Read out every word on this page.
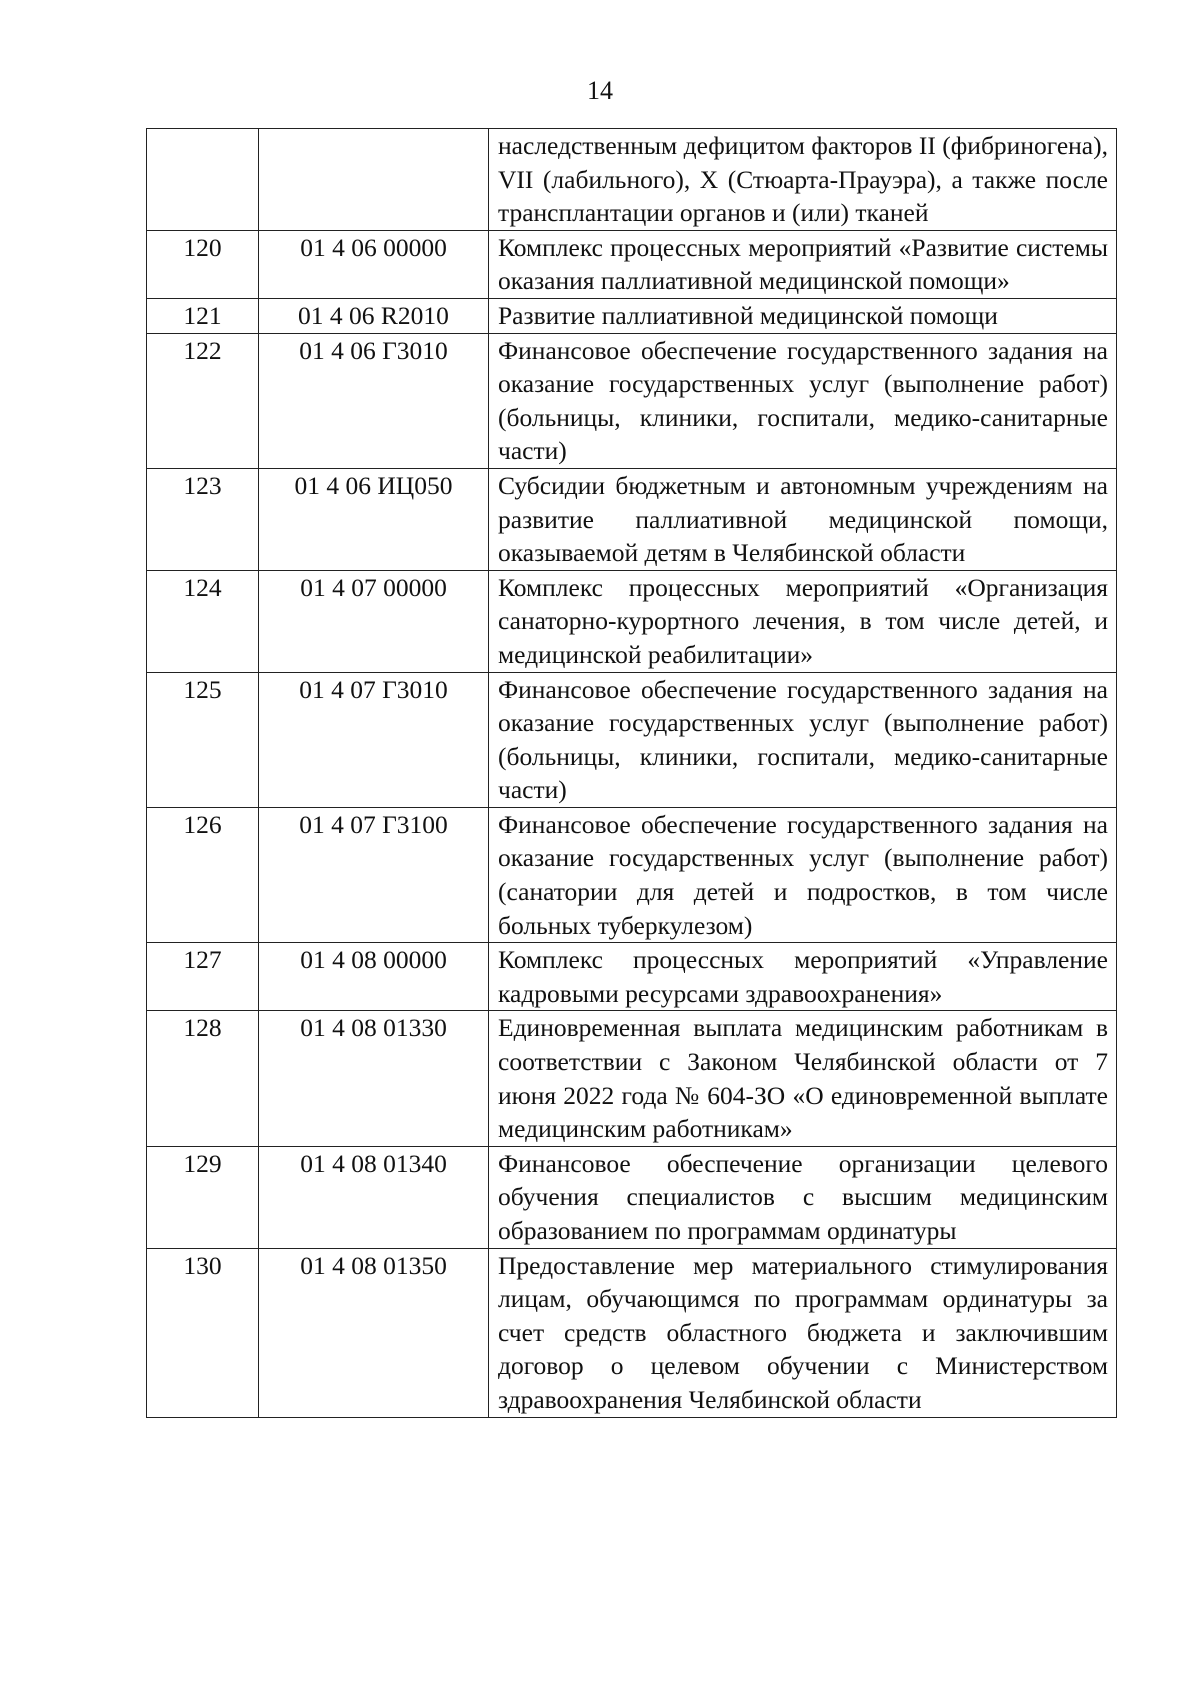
14
		наследственным дефицитом факторов II (фибриногена), VII (лабильного), X (Стюарта-Прауэра), а также после трансплантации органов и (или) тканей
120	01 4 06 00000	Комплекс процессных мероприятий «Развитие системы оказания паллиативной медицинской помощи»
121	01 4 06 R2010	Развитие паллиативной медицинской помощи
122	01 4 06 Г3010	Финансовое обеспечение государственного задания на оказание государственных услуг (выполнение работ) (больницы, клиники, госпитали, медико-санитарные части)
123	01 4 06 ИЦ050	Субсидии бюджетным и автономным учреждениям на развитие паллиативной медицинской помощи, оказываемой детям в Челябинской области
124	01 4 07 00000	Комплекс процессных мероприятий «Организация санаторно-курортного лечения, в том числе детей, и медицинской реабилитации»
125	01 4 07 Г3010	Финансовое обеспечение государственного задания на оказание государственных услуг (выполнение работ) (больницы, клиники, госпитали, медико-санитарные части)
126	01 4 07 Г3100	Финансовое обеспечение государственного задания на оказание государственных услуг (выполнение работ) (санатории для детей и подростков, в том числе больных туберкулезом)
127	01 4 08 00000	Комплекс процессных мероприятий «Управление кадровыми ресурсами здравоохранения»
128	01 4 08 01330	Единовременная выплата медицинским работникам в соответствии с Законом Челябинской области от 7 июня 2022 года № 604-ЗО «О единовременной выплате медицинским работникам»
129	01 4 08 01340	Финансовое обеспечение организации целевого обучения специалистов с высшим медицинским образованием по программам ординатуры
130	01 4 08 01350	Предоставление мер материального стимулирования лицам, обучающимся по программам ординатуры за счет средств областного бюджета и заключившим договор о целевом обучении с Министерством здравоохранения Челябинской области
